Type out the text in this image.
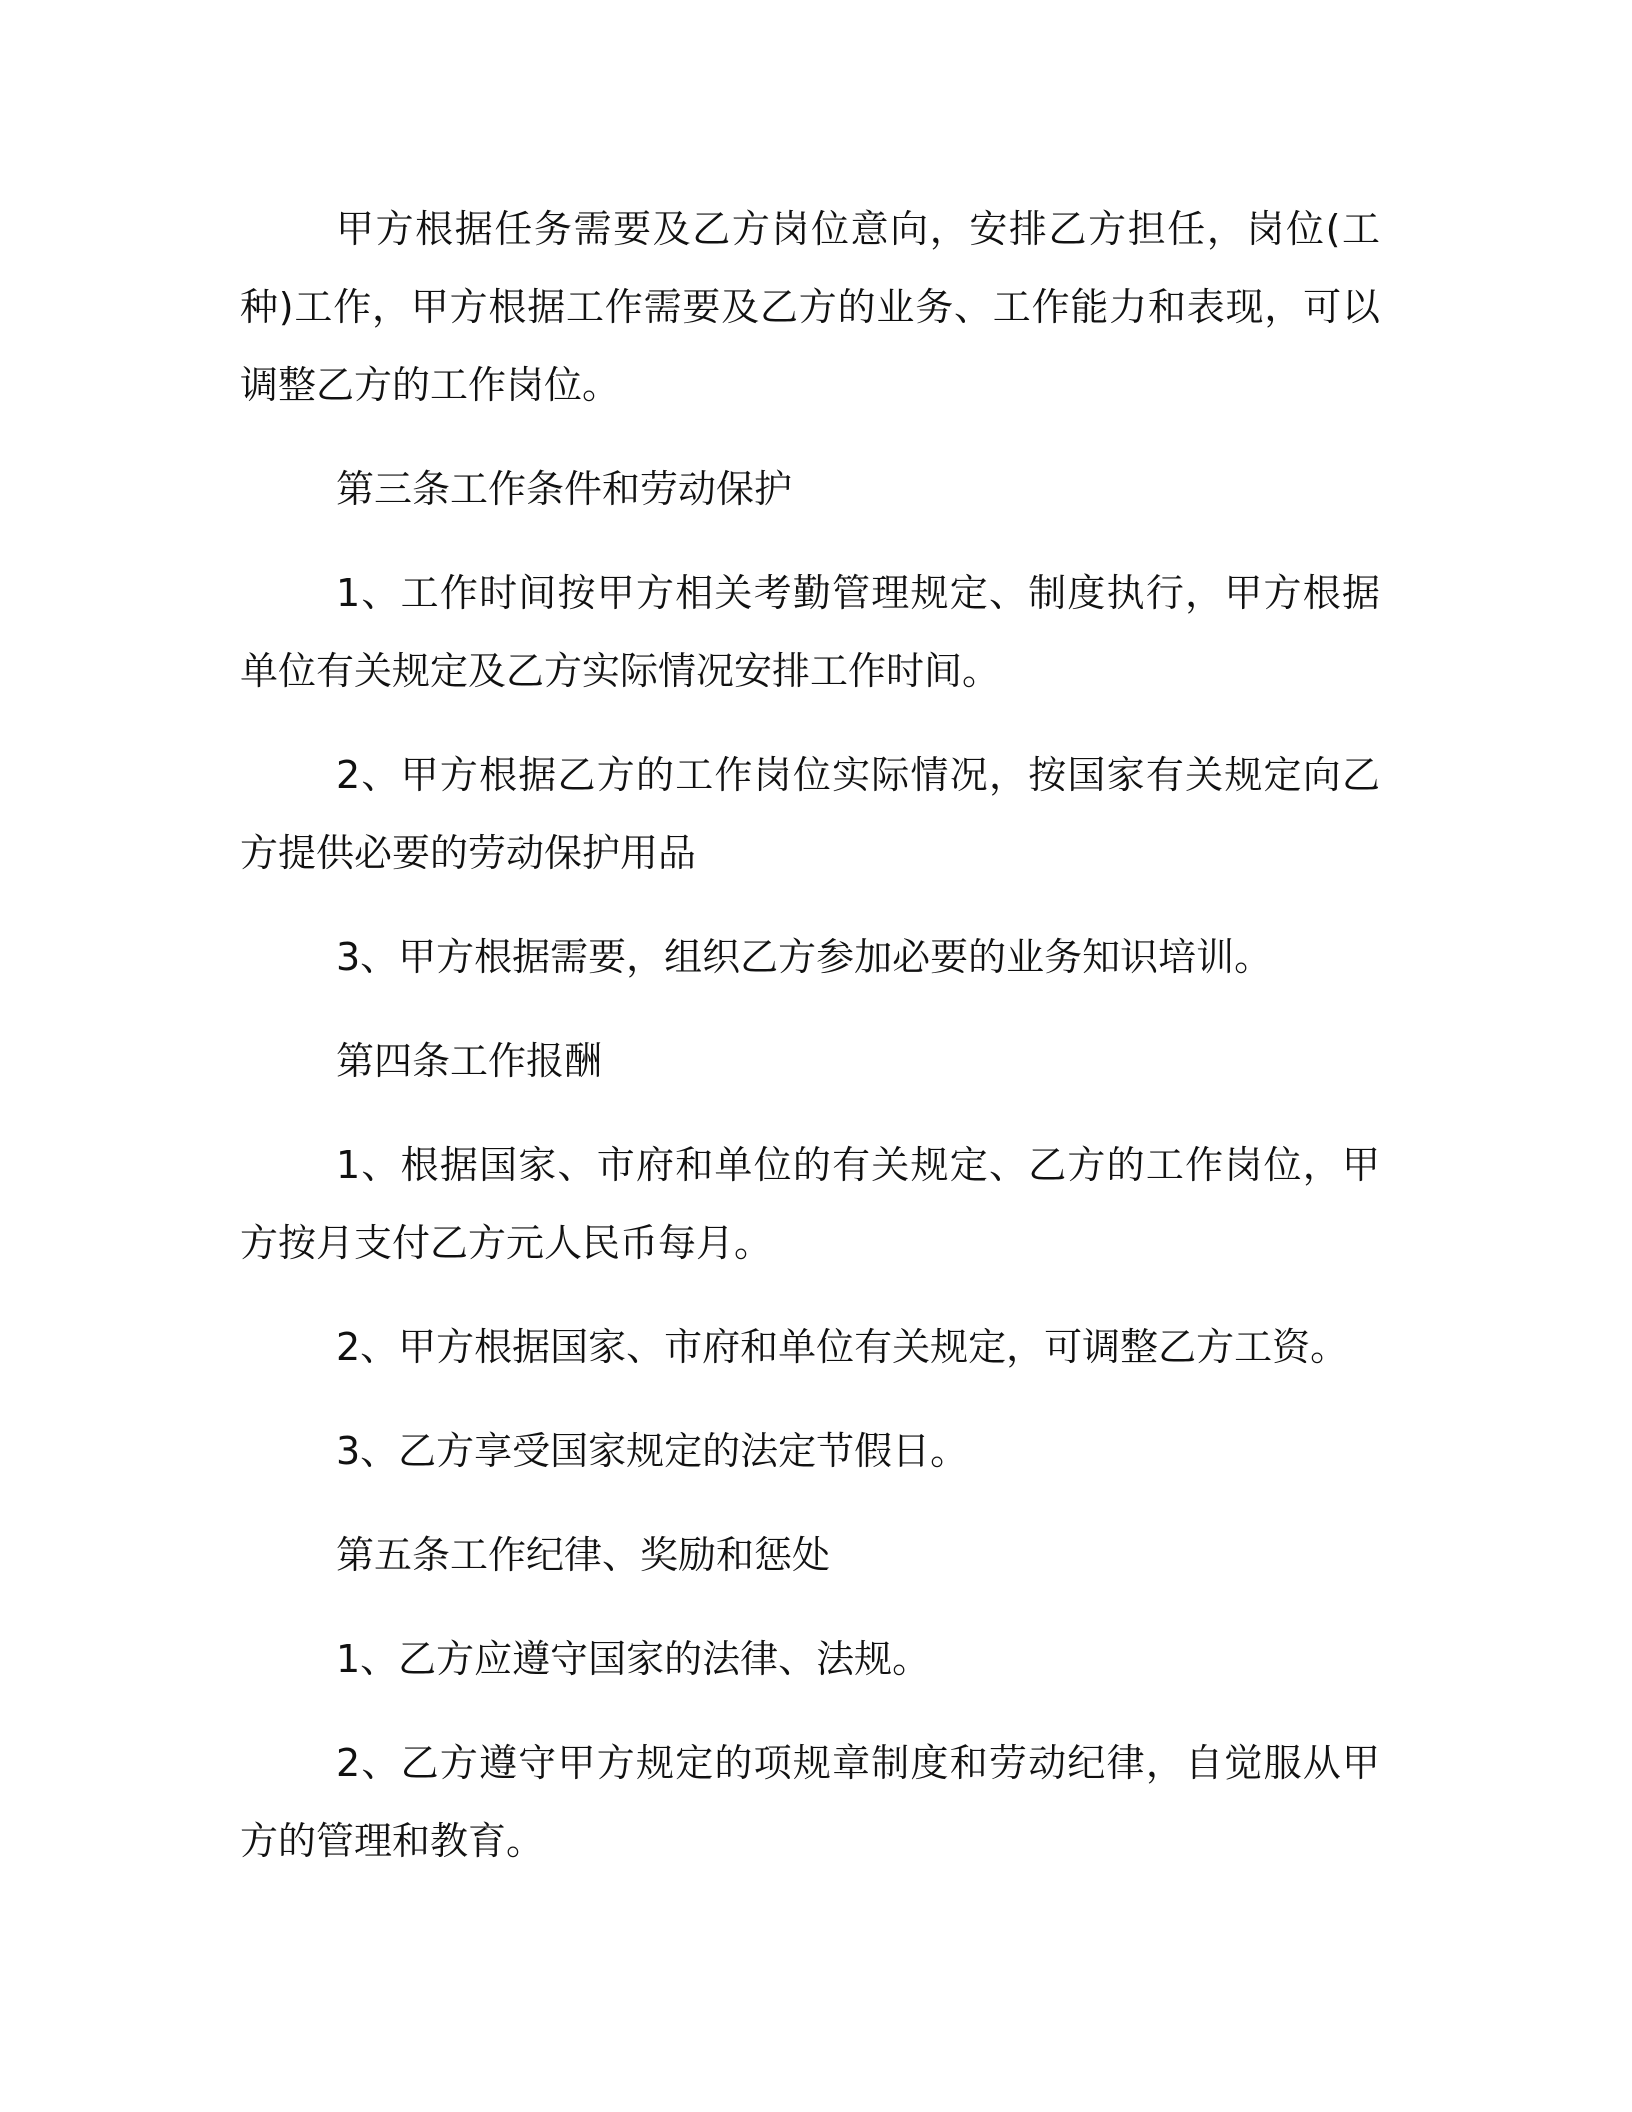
甲方根据任务需要及乙方岗位意向，安排乙方担任，岗位(工种)工作，甲方根据工作需要及乙方的业务、工作能力和表现，可以调整乙方的工作岗位。

第三条工作条件和劳动保护

1、工作时间按甲方相关考勤管理规定、制度执行，甲方根据单位有关规定及乙方实际情况安排工作时间。

2、甲方根据乙方的工作岗位实际情况，按国家有关规定向乙方提供必要的劳动保护用品

3、甲方根据需要，组织乙方参加必要的业务知识培训。

第四条工作报酬

1、根据国家、市府和单位的有关规定、乙方的工作岗位，甲方按月支付乙方元人民币每月。

2、甲方根据国家、市府和单位有关规定，可调整乙方工资。

3、乙方享受国家规定的法定节假日。

第五条工作纪律、奖励和惩处

1、乙方应遵守国家的法律、法规。

2、乙方遵守甲方规定的项规章制度和劳动纪律，自觉服从甲方的管理和教育。
